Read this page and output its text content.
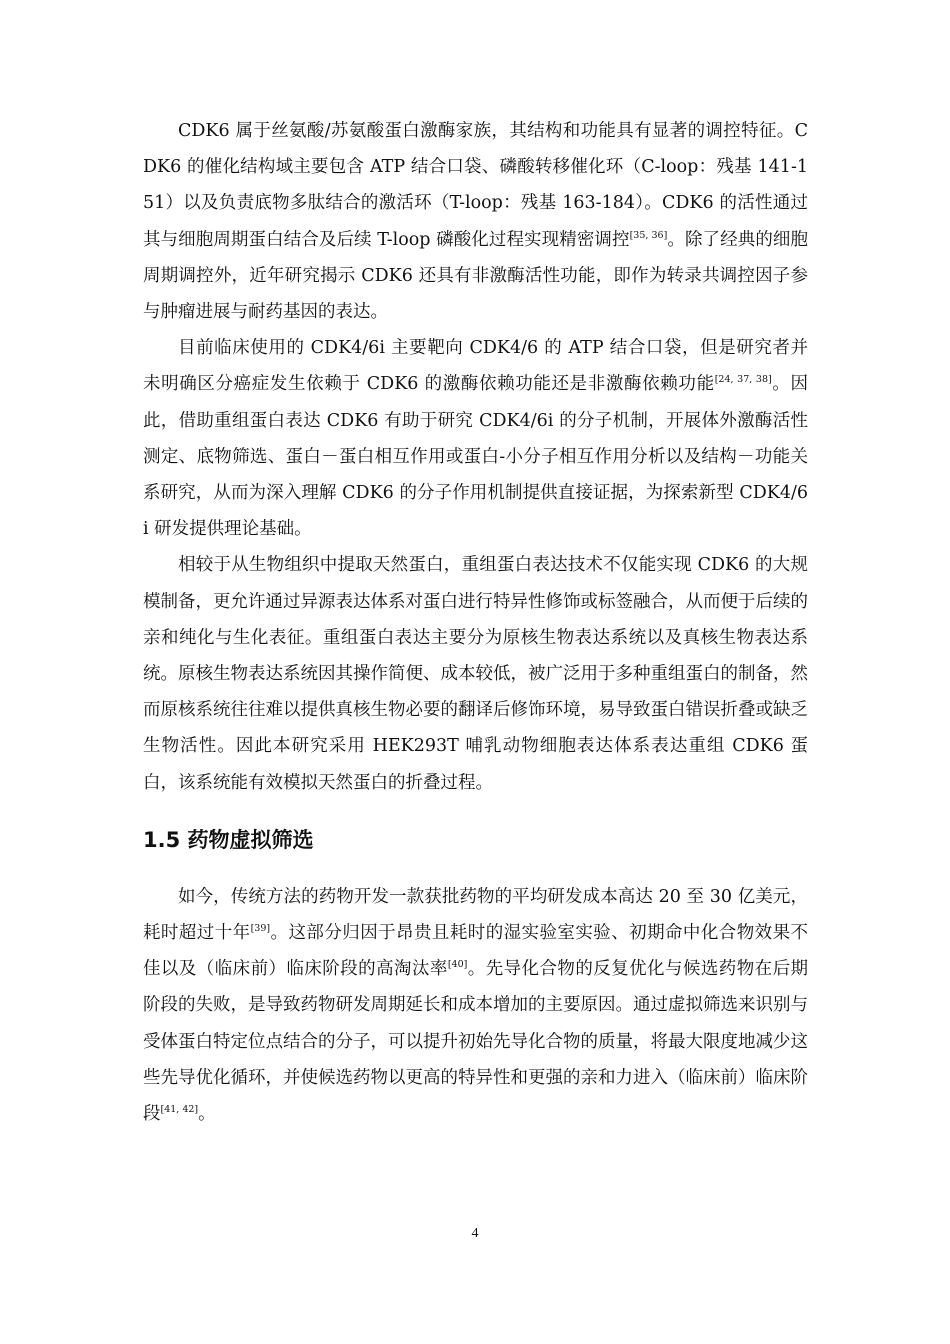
CDK6 属于丝氨酸/苏氨酸蛋白激酶家族，其结构和功能具有显著的调控特征。CDK6 的催化结构域主要包含 ATP 结合口袋、磷酸转移催化环（C-loop：残基 141-151）以及负责底物多肽结合的激活环（T-loop：残基 163-184）。CDK6 的活性通过其与细胞周期蛋白结合及后续 T-loop 磷酸化过程实现精密调控[35, 36]。除了经典的细胞周期调控外，近年研究揭示 CDK6 还具有非激酶活性功能，即作为转录共调控因子参与肿瘤进展与耐药基因的表达。

目前临床使用的 CDK4/6i 主要靶向 CDK4/6 的 ATP 结合口袋，但是研究者并未明确区分癌症发生依赖于 CDK6 的激酶依赖功能还是非激酶依赖功能[24, 37, 38]。因此，借助重组蛋白表达 CDK6 有助于研究 CDK4/6i 的分子机制，开展体外激酶活性测定、底物筛选、蛋白－蛋白相互作用或蛋白-小分子相互作用分析以及结构－功能关系研究，从而为深入理解 CDK6 的分子作用机制提供直接证据，为探索新型 CDK4/6i 研发提供理论基础。

相较于从生物组织中提取天然蛋白，重组蛋白表达技术不仅能实现 CDK6 的大规模制备，更允许通过异源表达体系对蛋白进行特异性修饰或标签融合，从而便于后续的亲和纯化与生化表征。重组蛋白表达主要分为原核生物表达系统以及真核生物表达系统。原核生物表达系统因其操作简便、成本较低，被广泛用于多种重组蛋白的制备，然而原核系统往往难以提供真核生物必要的翻译后修饰环境，易导致蛋白错误折叠或缺乏生物活性。因此本研究采用 HEK293T 哺乳动物细胞表达体系表达重组 CDK6 蛋白，该系统能有效模拟天然蛋白的折叠过程。

1.5 药物虚拟筛选

如今，传统方法的药物开发一款获批药物的平均研发成本高达 20 至 30 亿美元，耗时超过十年[39]。这部分归因于昂贵且耗时的湿实验室实验、初期命中化合物效果不佳以及（临床前）临床阶段的高淘汰率[40]。先导化合物的反复优化与候选药物在后期阶段的失败，是导致药物研发周期延长和成本增加的主要原因。通过虚拟筛选来识别与受体蛋白特定位点结合的分子，可以提升初始先导化合物的质量，将最大限度地减少这些先导优化循环，并使候选药物以更高的特异性和更强的亲和力进入（临床前）临床阶段[41, 42]。

4
